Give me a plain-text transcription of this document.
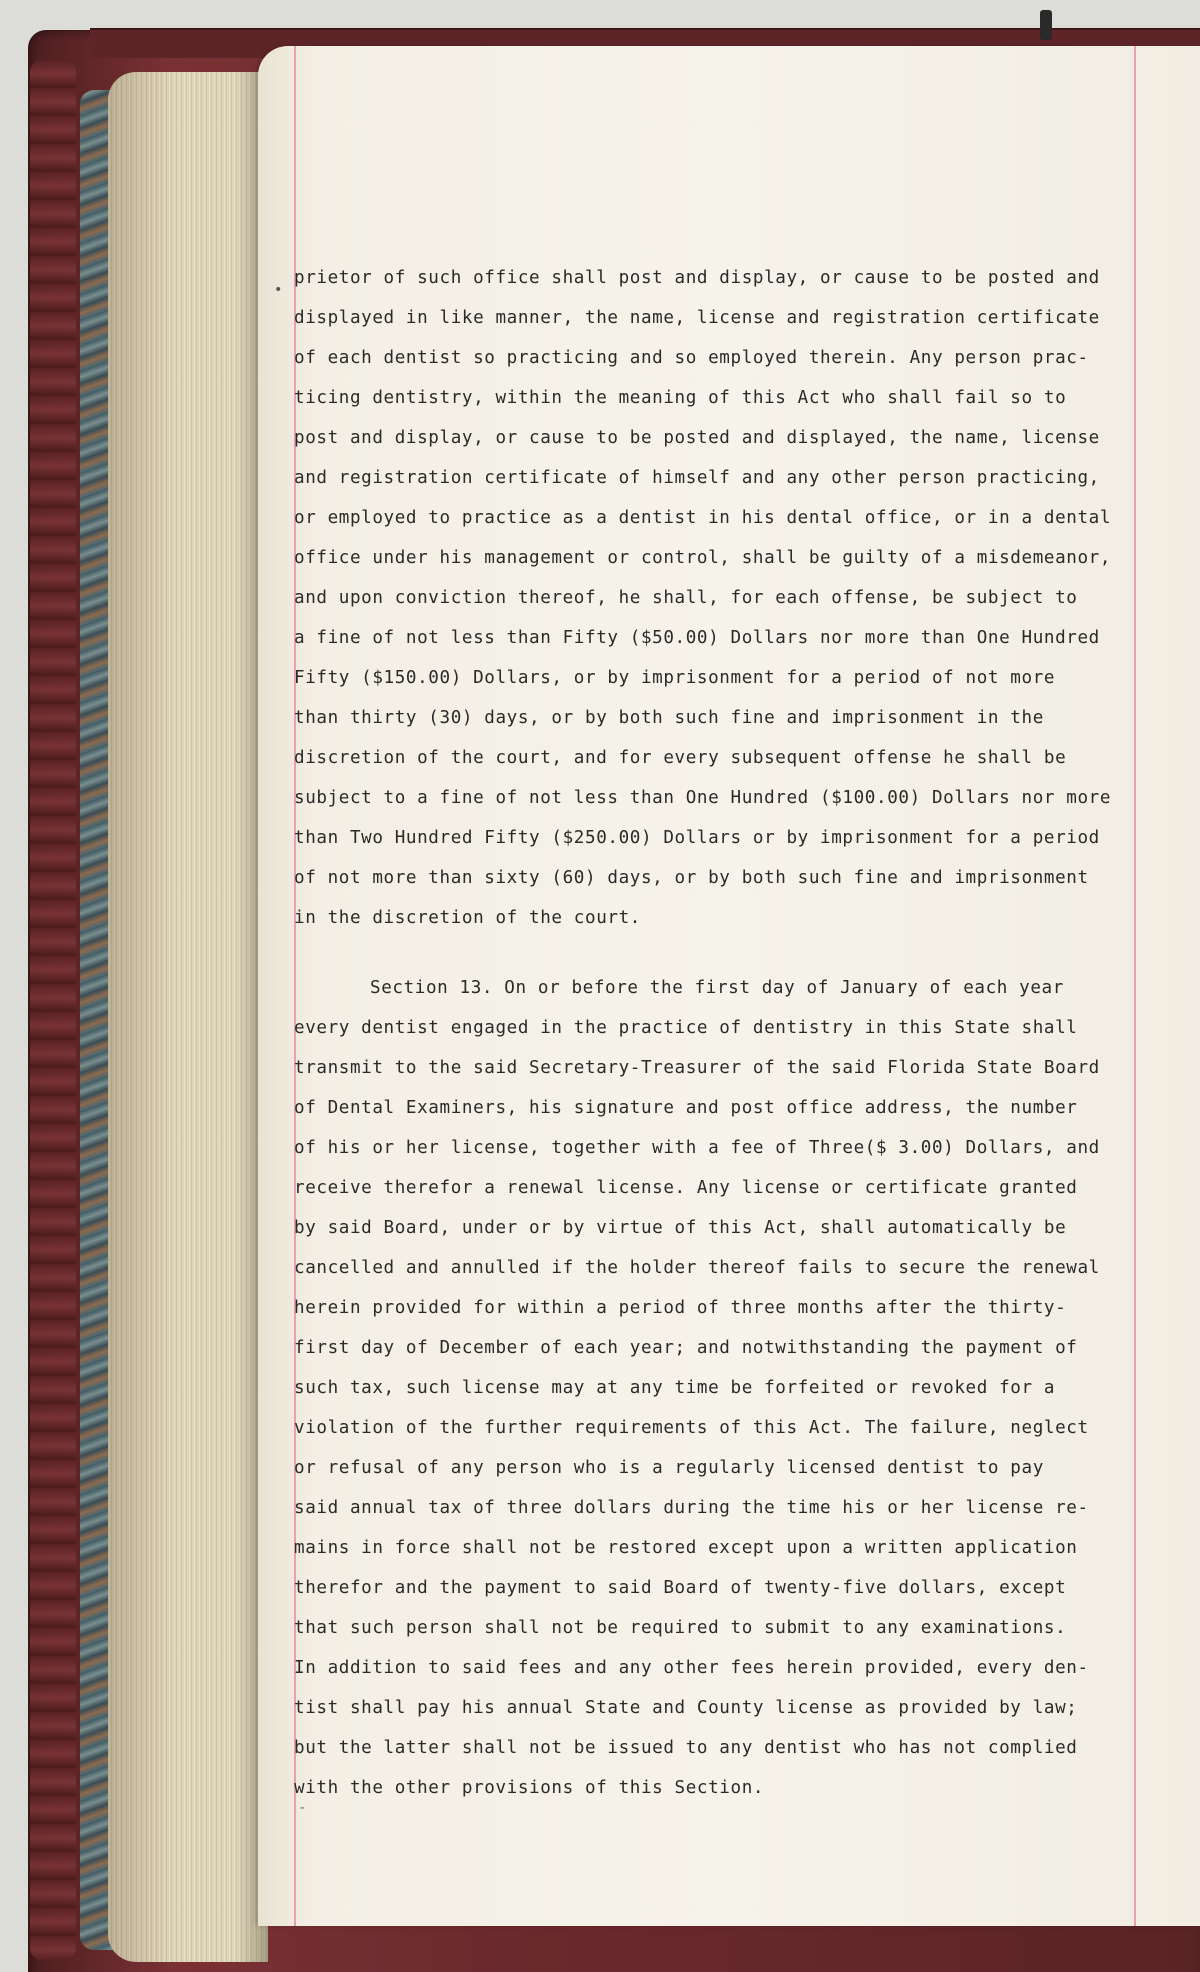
•
prietor of such office shall post and display, or cause to be posted and
displayed in like manner, the name, license and registration certificate
of each dentist so practicing and so employed therein. Any person prac-
ticing dentistry, within the meaning of this Act who shall fail so to
post and display, or cause to be posted and displayed, the name, license
and registration certificate of himself and any other person practicing,
or employed to practice as a dentist in his dental office, or in a dental
office under his management or control, shall be guilty of a misdemeanor,
and upon conviction thereof, he shall, for each offense, be subject to
a fine of not less than Fifty ($50.00) Dollars nor more than One Hundred
Fifty ($150.00) Dollars, or by imprisonment for a period of not more
than thirty (30) days, or by both such fine and imprisonment in the
discretion of the court, and for every subsequent offense he shall be
subject to a fine of not less than One Hundred ($100.00) Dollars nor more
than Two Hundred Fifty ($250.00) Dollars or by imprisonment for a period
of not more than sixty (60) days, or by both such fine and imprisonment
in the discretion of the court.
Section 13. On or before the first day of January of each year
every dentist engaged in the practice of dentistry in this State shall
transmit to the said Secretary-Treasurer of the said Florida State Board
of Dental Examiners, his signature and post office address, the number
of his or her license, together with a fee of Three($ 3.00) Dollars, and
receive therefor a renewal license. Any license or certificate granted
by said Board, under or by virtue of this Act, shall automatically be
cancelled and annulled if the holder thereof fails to secure the renewal
herein provided for within a period of three months after the thirty-
first day of December of each year; and notwithstanding the payment of
such tax, such license may at any time be forfeited or revoked for a
violation of the further requirements of this Act. The failure, neglect
or refusal of any person who is a regularly licensed dentist to pay
said annual tax of three dollars during the time his or her license re-
mains in force shall not be restored except upon a written application
therefor and the payment to said Board of twenty-five dollars, except
that such person shall not be required to submit to any examinations.
In addition to said fees and any other fees herein provided, every den-
tist shall pay his annual State and County license as provided by law;
but the latter shall not be issued to any dentist who has not complied
with the other provisions of this Section.
-
